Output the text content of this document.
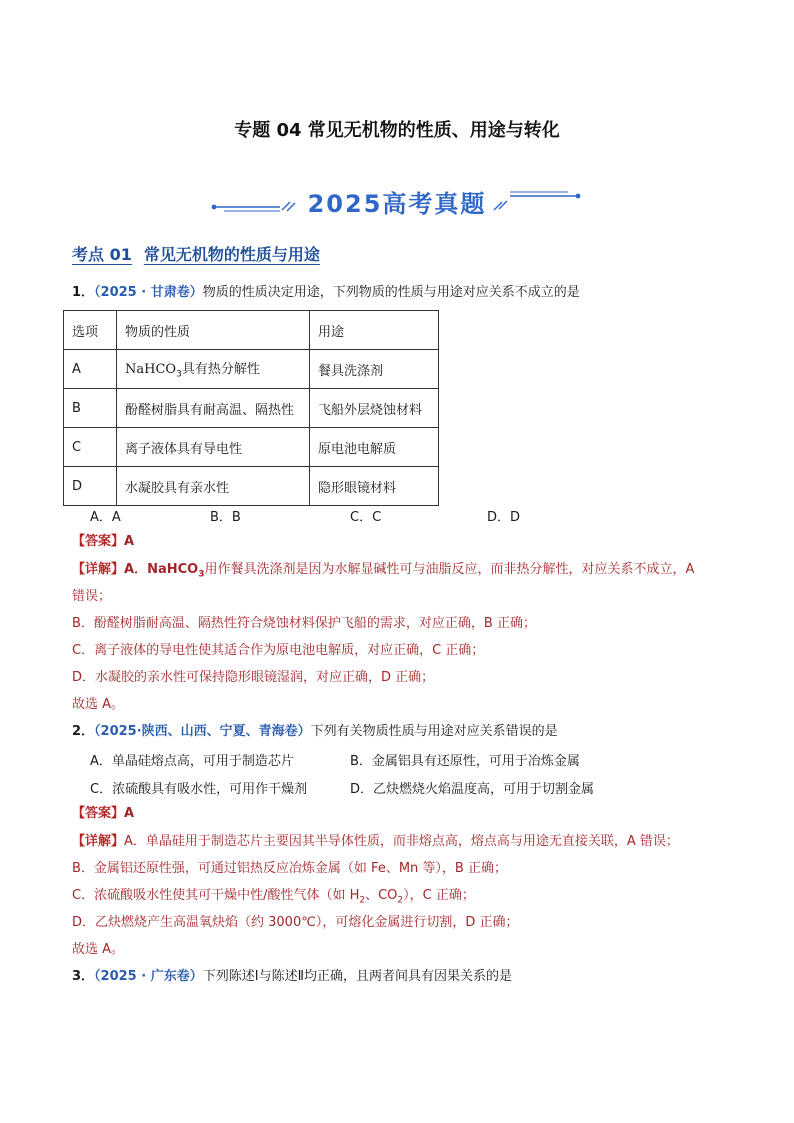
专题 04 常见无机物的性质、用途与转化
2025高考真题
考点 01 常见无机物的性质与用途
1．（2025 · 甘肃卷）物质的性质决定用途，下列物质的性质与用途对应关系不成立的是
选项	物质的性质	用途
A	NaHCO$_3$具有热分解性	餐具洗涤剂
B	酚醛树脂具有耐高温、隔热性	飞船外层烧蚀材料
C	离子液体具有导电性	原电池电解质
D	水凝胶具有亲水性	隐形眼镜材料
A．A	B．B	C．C	D．D
【答案】A
【详解】A．NaHCO$_3$用作餐具洗涤剂是因为水解显碱性可与油脂反应，而非热分解性，对应关系不成立，A
错误；
B．酚醛树脂耐高温、隔热性符合烧蚀材料保护飞船的需求，对应正确，B 正确；
C．离子液体的导电性使其适合作为原电池电解质，对应正确，C 正确；
D．水凝胶的亲水性可保持隐形眼镜湿润，对应正确，D 正确；
故选 A。
2．（2025·陕西、山西、宁夏、青海卷）下列有关物质性质与用途对应关系错误的是
A．单晶硅熔点高，可用于制造芯片	B．金属铝具有还原性，可用于冶炼金属
C．浓硫酸具有吸水性，可用作干燥剂	D．乙炔燃烧火焰温度高，可用于切割金属
【答案】A
【详解】A．单晶硅用于制造芯片主要因其半导体性质，而非熔点高，熔点高与用途无直接关联，A 错误；
B．金属铝还原性强，可通过铝热反应冶炼金属（如 Fe、Mn 等），B 正确；
C．浓硫酸吸水性使其可干燥中性/酸性气体（如 $H_2$、$CO_2$），C 正确；
D．乙炔燃烧产生高温氧炔焰（约 3000℃），可熔化金属进行切割，D 正确；
故选 A。
3．（2025 · 广东卷）下列陈述Ⅰ与陈述Ⅱ均正确，且两者间具有因果关系的是
